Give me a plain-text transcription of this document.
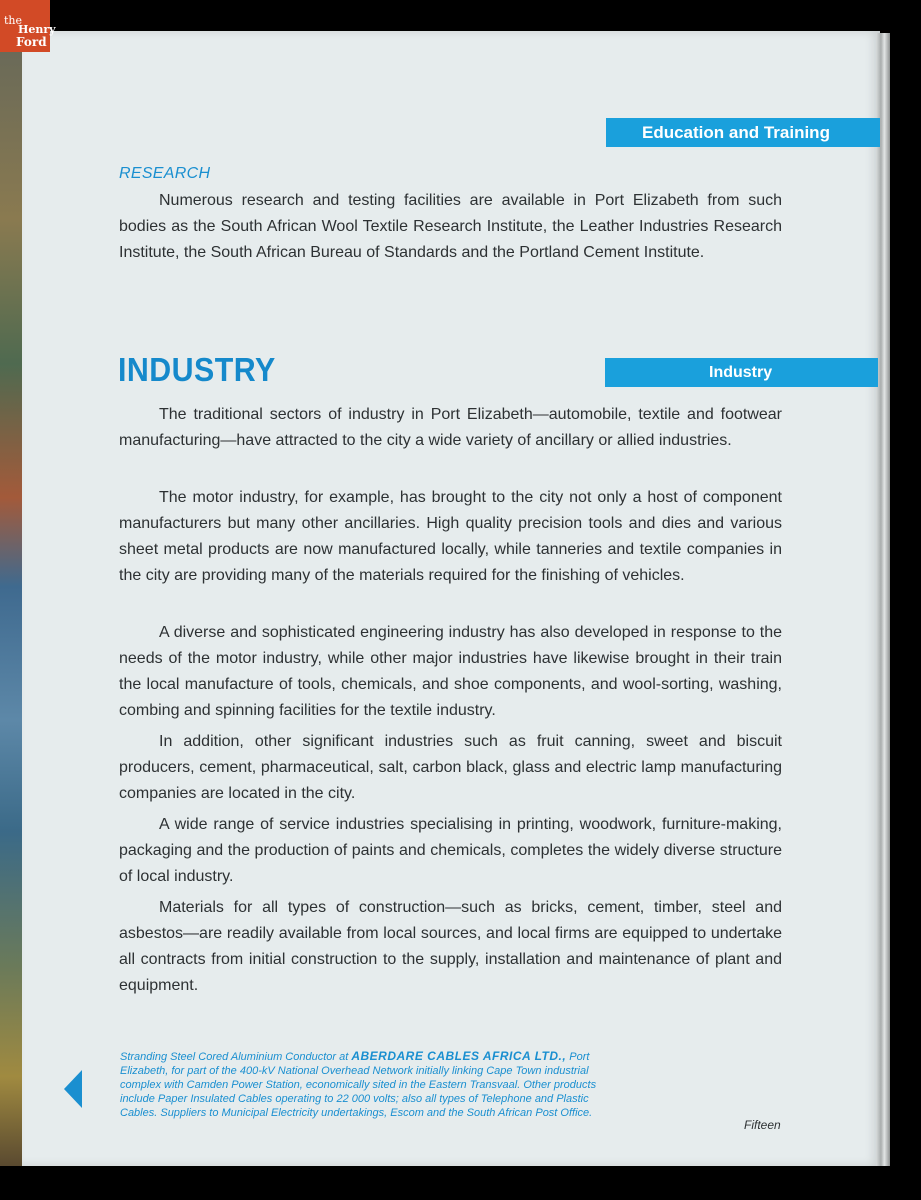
the
Henry
Ford
Education and Training
RESEARCH

Numerous research and testing facilities are available in Port Elizabeth from such bodies as the South African Wool Textile Research Institute, the Leather Industries Research Institute, the South African Bureau of Standards and the Portland Cement Institute.

INDUSTRY	Industry

The traditional sectors of industry in Port Elizabeth—automobile, textile and footwear manufacturing—have attracted to the city a wide variety of ancillary or allied industries.

The motor industry, for example, has brought to the city not only a host of component manufacturers but many other ancillaries. High quality precision tools and dies and various sheet metal products are now manufactured locally, while tanneries and textile companies in the city are providing many of the materials required for the finishing of vehicles.

A diverse and sophisticated engineering industry has also developed in response to the needs of the motor industry, while other major industries have likewise brought in their train the local manufacture of tools, chemicals, and shoe components, and wool-sorting, washing, combing and spinning facilities for the textile industry.

In addition, other significant industries such as fruit canning, sweet and biscuit producers, cement, pharmaceutical, salt, carbon black, glass and electric lamp manufacturing companies are located in the city.

A wide range of service industries specialising in printing, woodwork, furniture-making, packaging and the production of paints and chemicals, completes the widely diverse structure of local industry.

Materials for all types of construction—such as bricks, cement, timber, steel and asbestos—are readily available from local sources, and local firms are equipped to undertake all contracts from initial construction to the supply, installation and maintenance of plant and equipment.

Stranding Steel Cored Aluminium Conductor at ABERDARE CABLES AFRICA LTD., Port Elizabeth, for part of the 400-kV National Overhead Network initially linking Cape Town industrial complex with Camden Power Station, economically sited in the Eastern Transvaal. Other products include Paper Insulated Cables operating to 22 000 volts; also all types of Telephone and Plastic Cables. Suppliers to Municipal Electricity undertakings, Escom and the South African Post Office.

Fifteen
